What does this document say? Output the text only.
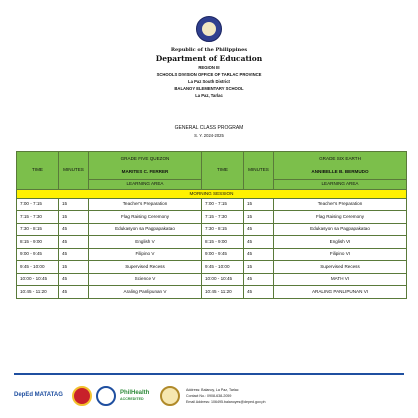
Republic of the Philippines
Department of Education
REGION III
SCHOOLS DIVISION OFFICE OF TARLAC PROVINCE
La Paz South District
BALANOY ELEMENTARY SCHOOL
La Paz, Tarlac
GENERAL CLASS PROGRAM
S. Y. 2024-2025
TIME	MINUTES	GRADE FIVE QUEZON	TIME	MINUTES	GRADE SIX EARTH
		MARITES C. FERRER			ANNIBELLE B. BERMUDO
		LEARNING AREA			LEARNING AREA
MORNING SESSION					
7:00 - 7:15	15	Teacher's Preparation	7:00 - 7:15	15	Teacher's Preparation
7:15 - 7:30	15	Flag Raising Ceremony	7:15 - 7:30	15	Flag Raising Ceremony
7:30 - 8:15	45	Edukasyon sa Pagpapakatao	7:30 - 8:15	45	Edukasyon sa Pagpapakatao
8:15 - 9:00	45	English V	8:15 - 9:00	45	English VI
9:00 - 9:45	45	Filipino V	9:00 - 9:45	45	Filipino VI
9:45 - 10:00	15	Supervised Recess	9:45 - 10:00	15	Supervised Recess
10:00 - 10:45	45	Science V	10:00 - 10:45	45	MATH VI
10:45 - 11:20	45	Araling Panlipunan V	10:45 - 11:20	45	ARALING PANLIPUNAN VI
DepEd MATATAG	PhilHealth
ACCREDITED
Address: Balanoy, La Paz, Tarlac
Contact No.: 0908-638-2059
Email Address: 106495.balanoyes@deped.gov.ph
